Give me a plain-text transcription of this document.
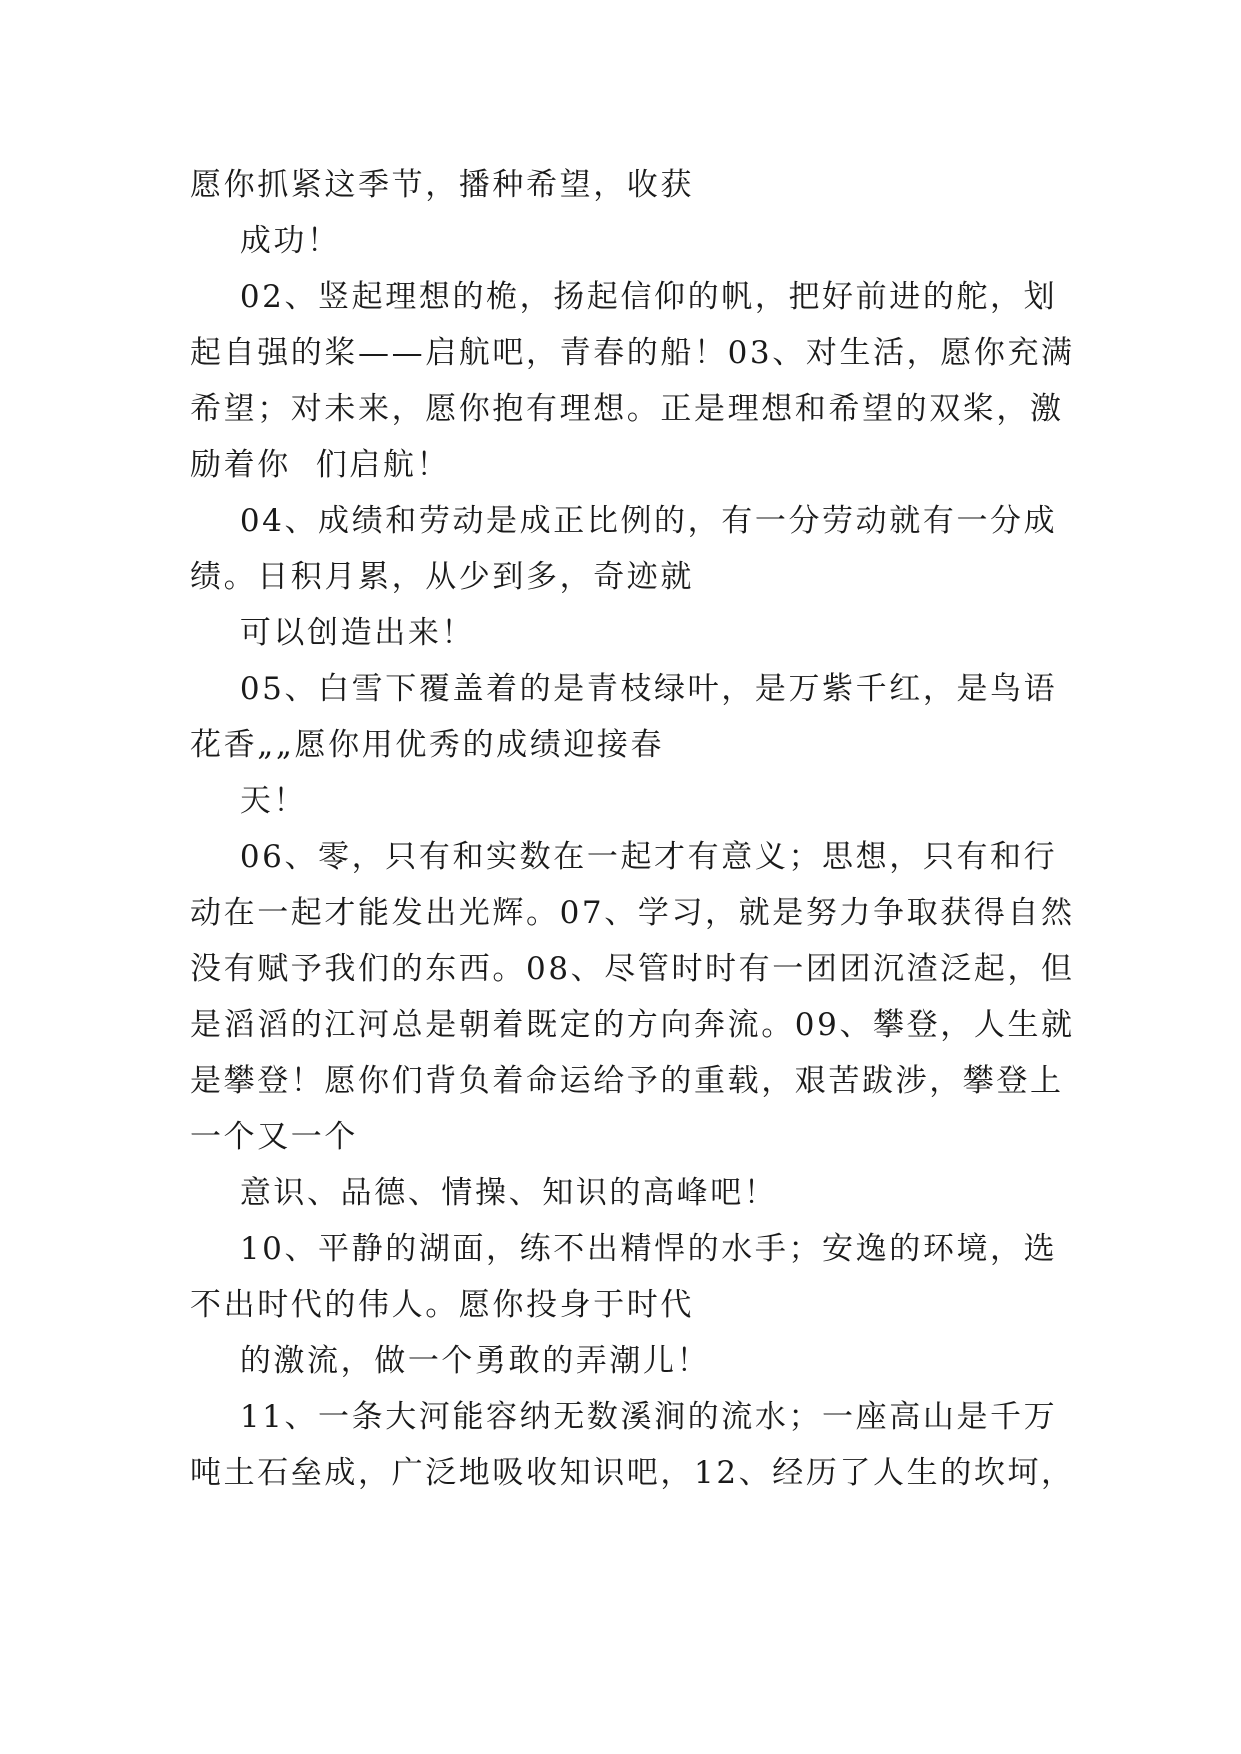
愿你抓紧这季节，播种希望，收获
成功！
02、竖起理想的桅，扬起信仰的帆，把好前进的舵，划
起自强的桨——启航吧，青春的船！03、对生活，愿你充满
希望；对未来，愿你抱有理想。正是理想和希望的双桨，激
励着你  们启航！
04、成绩和劳动是成正比例的，有一分劳动就有一分成
绩。日积月累，从少到多，奇迹就
可以创造出来！
05、白雪下覆盖着的是青枝绿叶，是万紫千红，是鸟语
花香„„愿你用优秀的成绩迎接春
天！
06、零，只有和实数在一起才有意义；思想，只有和行
动在一起才能发出光辉。07、学习，就是努力争取获得自然
没有赋予我们的东西。08、尽管时时有一团团沉渣泛起，但
是滔滔的江河总是朝着既定的方向奔流。09、攀登，人生就
是攀登！愿你们背负着命运给予的重载，艰苦跋涉，攀登上
一个又一个
意识、品德、情操、知识的高峰吧！
10、平静的湖面，练不出精悍的水手；安逸的环境，选
不出时代的伟人。愿你投身于时代
的激流，做一个勇敢的弄潮儿！
11、一条大河能容纳无数溪涧的流水；一座高山是千万
吨土石垒成，广泛地吸收知识吧，12、经历了人生的坎坷，
